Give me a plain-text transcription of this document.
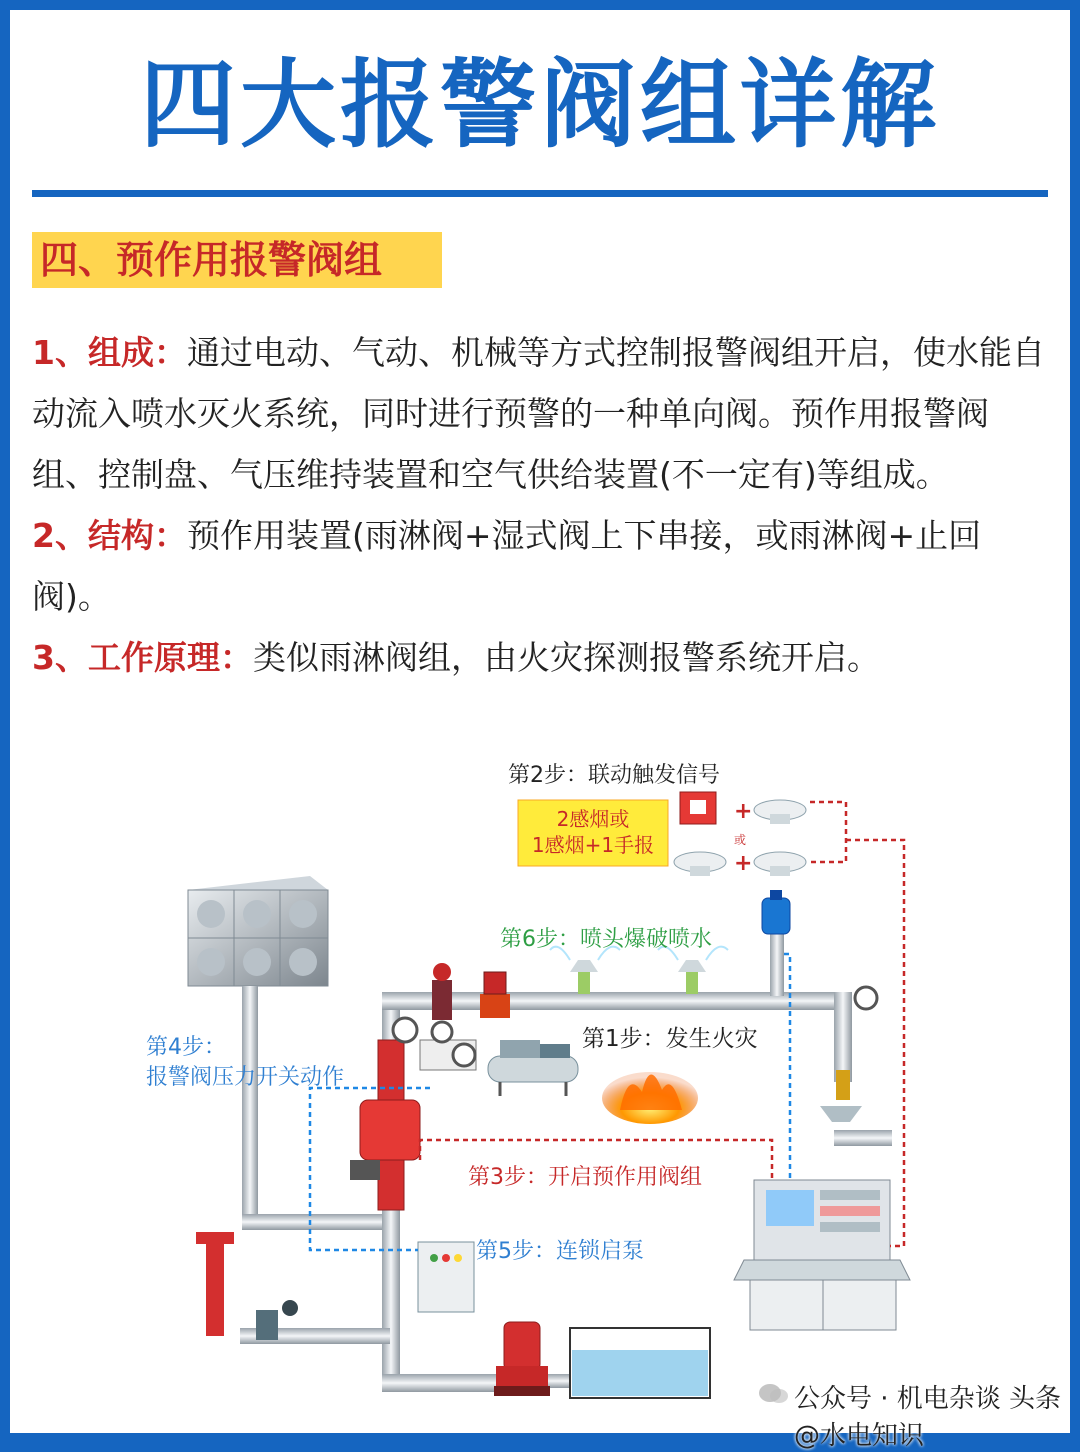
四大报警阀组详解
四、预作用报警阀组

1、组成：通过电动、气动、机械等方式控制报警阀组开启，使水能自动流入喷水灭火系统，同时进行预警的一种单向阀。预作用报警阀组、控制盘、气压维持装置和空气供给装置(不一定有)等组成。

2、结构：预作用装置(雨淋阀+湿式阀上下串接，或雨淋阀+止回阀)。

3、工作原理：类似雨淋阀组，由火灾探测报警系统开启。

第2步：联动触发信号
2感烟或
1感烟+1手报
+
或
+
第6步：喷头爆破喷水
第4步：
报警阀压力开关动作
第1步：发生火灾
第3步：开启预作用阀组
第5步：连锁启泵
公众号 · 机电杂谈 头条 @水电知识
